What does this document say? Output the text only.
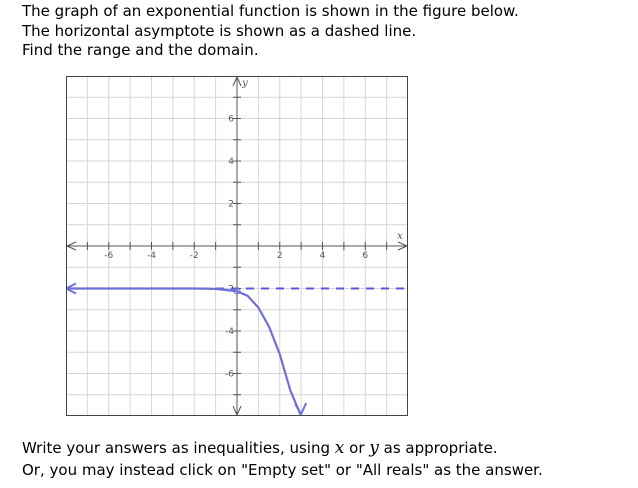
The graph of an exponential function is shown in the figure below.
The horizontal asymptote is shown as a dashed line.
Find the range and the domain.
-6	-4	-2	2	4	6
6
4
2
-2
-4
-6
x
y
Write your answers as inequalities, using x or y as appropriate.
Or, you may instead click on "Empty set" or "All reals" as the answer.
